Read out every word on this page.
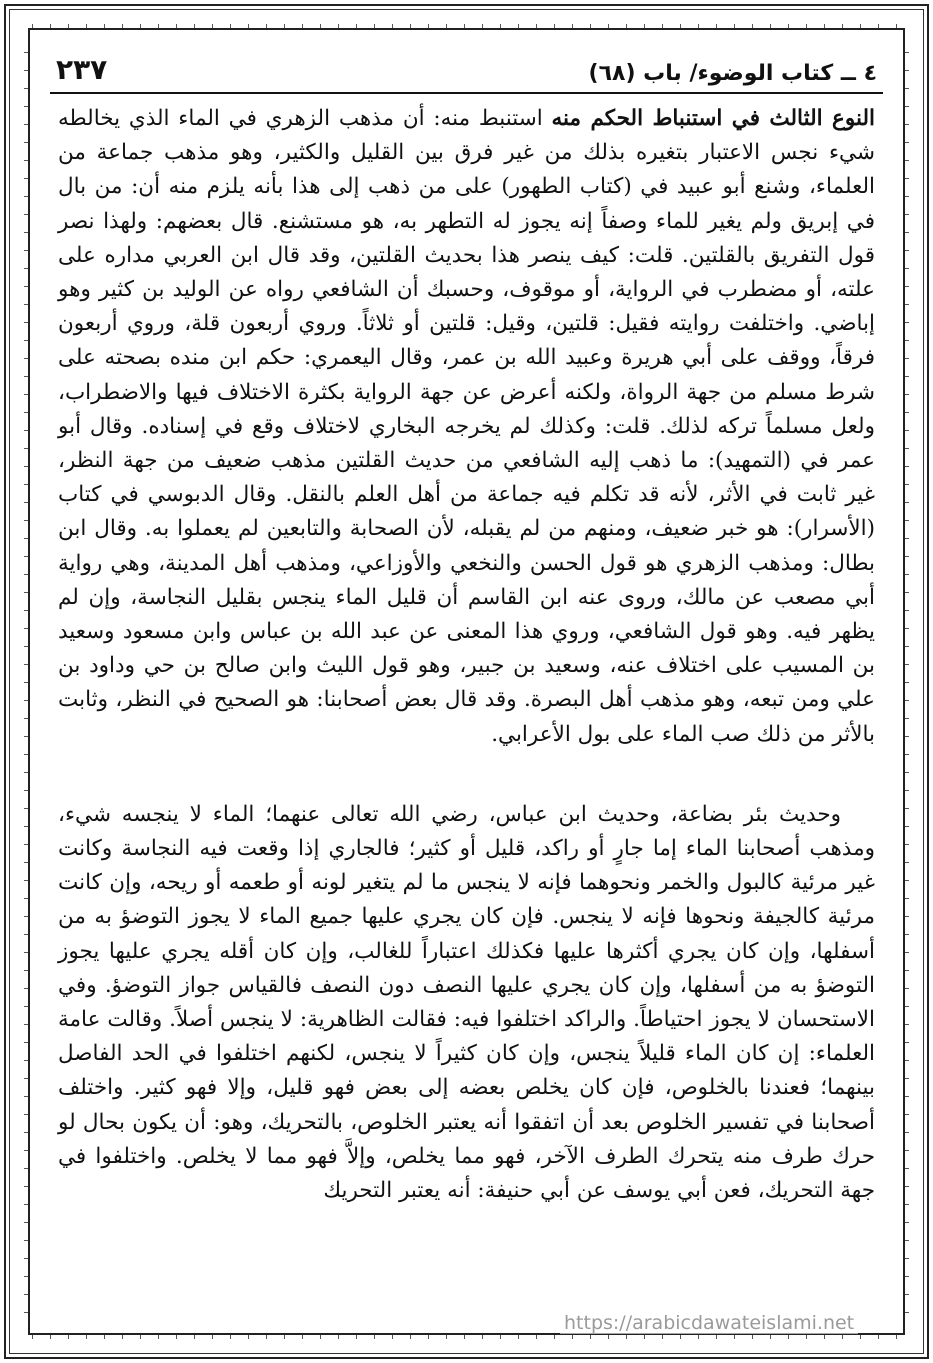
٤ ــ كتاب الوضوء/ باب (٦٨)
٢٣٧

النوع الثالث في استنباط الحكم منه استنبط منه: أن مذهب الزهري في الماء الذي يخالطه شيء نجس الاعتبار بتغيره بذلك من غير فرق بين القليل والكثير، وهو مذهب جماعة من العلماء، وشنع أبو عبيد في (كتاب الطهور) على من ذهب إلى هذا بأنه يلزم منه أن: من بال في إبريق ولم يغير للماء وصفاً إنه يجوز له التطهر به، هو مستشنع. قال بعضهم: ولهذا نصر قول التفريق بالقلتين. قلت: كيف ينصر هذا بحديث القلتين، وقد قال ابن العربي مداره على علته، أو مضطرب في الرواية، أو موقوف، وحسبك أن الشافعي رواه عن الوليد بن كثير وهو إباضي. واختلفت روايته فقيل: قلتين، وقيل: قلتين أو ثلاثاً. وروي أربعون قلة، وروي أربعون فرقاً، ووقف على أبي هريرة وعبيد الله بن عمر، وقال اليعمري: حكم ابن منده بصحته على شرط مسلم من جهة الرواة، ولكنه أعرض عن جهة الرواية بكثرة الاختلاف فيها والاضطراب، ولعل مسلماً تركه لذلك. قلت: وكذلك لم يخرجه البخاري لاختلاف وقع في إسناده. وقال أبو عمر في (التمهيد): ما ذهب إليه الشافعي من حديث القلتين مذهب ضعيف من جهة النظر، غير ثابت في الأثر، لأنه قد تكلم فيه جماعة من أهل العلم بالنقل. وقال الدبوسي في كتاب (الأسرار): هو خبر ضعيف، ومنهم من لم يقبله، لأن الصحابة والتابعين لم يعملوا به. وقال ابن بطال: ومذهب الزهري هو قول الحسن والنخعي والأوزاعي، ومذهب أهل المدينة، وهي رواية أبي مصعب عن مالك، وروى عنه ابن القاسم أن قليل الماء ينجس بقليل النجاسة، وإن لم يظهر فيه. وهو قول الشافعي، وروي هذا المعنى عن عبد الله بن عباس وابن مسعود وسعيد بن المسيب على اختلاف عنه، وسعيد بن جبير، وهو قول الليث وابن صالح بن حي وداود بن علي ومن تبعه، وهو مذهب أهل البصرة. وقد قال بعض أصحابنا: هو الصحيح في النظر، وثابت بالأثر من ذلك صب الماء على بول الأعرابي.

وحديث بئر بضاعة، وحديث ابن عباس، رضي الله تعالى عنهما؛ الماء لا ينجسه شيء، ومذهب أصحابنا الماء إما جارٍ أو راكد، قليل أو كثير؛ فالجاري إذا وقعت فيه النجاسة وكانت غير مرئية كالبول والخمر ونحوهما فإنه لا ينجس ما لم يتغير لونه أو طعمه أو ريحه، وإن كانت مرئية كالجيفة ونحوها فإنه لا ينجس. فإن كان يجري عليها جميع الماء لا يجوز التوضؤ به من أسفلها، وإن كان يجري أكثرها عليها فكذلك اعتباراً للغالب، وإن كان أقله يجري عليها يجوز التوضؤ به من أسفلها، وإن كان يجري عليها النصف دون النصف فالقياس جواز التوضؤ. وفي الاستحسان لا يجوز احتياطاً. والراكد اختلفوا فيه: فقالت الظاهرية: لا ينجس أصلاً. وقالت عامة العلماء: إن كان الماء قليلاً ينجس، وإن كان كثيراً لا ينجس، لكنهم اختلفوا في الحد الفاصل بينهما؛ فعندنا بالخلوص، فإن كان يخلص بعضه إلى بعض فهو قليل، وإلا فهو كثير. واختلف أصحابنا في تفسير الخلوص بعد أن اتفقوا أنه يعتبر الخلوص، بالتحريك، وهو: أن يكون بحال لو حرك طرف منه يتحرك الطرف الآخر، فهو مما يخلص، وإلاَّ فهو مما لا يخلص. واختلفوا في جهة التحريك، فعن أبي يوسف عن أبي حنيفة: أنه يعتبر التحريك

https://arabicdawateislami.net
